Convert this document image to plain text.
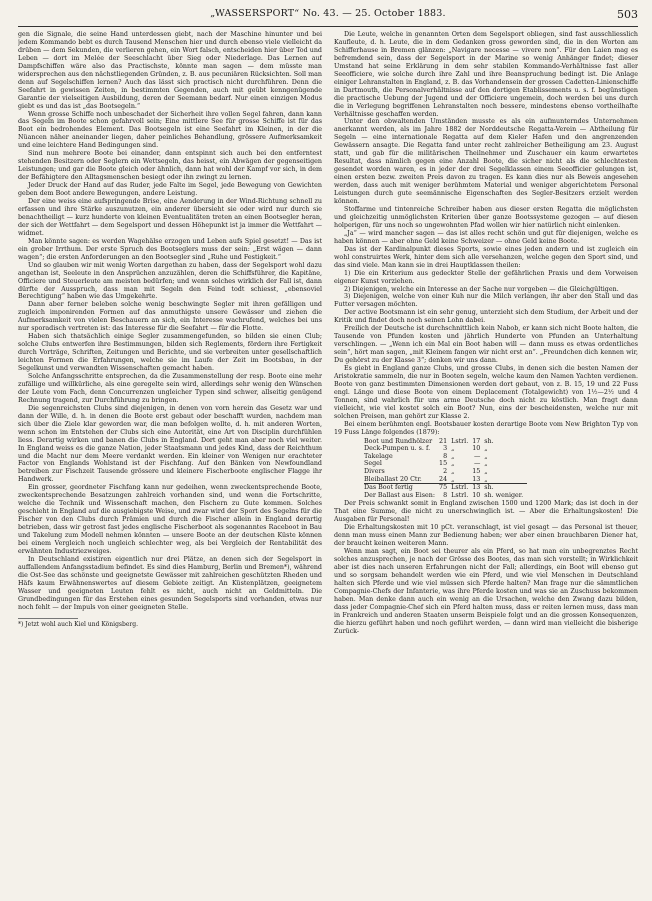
„WASSERSPORT“ No. 43. — 25. October 1883.	503

gen die Signale, die seine Hand unterdessen giebt, nach der Maschine hinunter und bei jedem Kommando bebt es durch Tausend Menschen hier und durch ebenso viele vielleicht da drüben — dem Sekunden, die verlieren gehen, ein Wort falsch, entscheiden hier über Tod und Leben — dort im Melée der Seeschlacht über Sieg oder Niederlage. Das Lernen auf Dampfschiffen wäre also das Practischste, könnte man sagen — dem müsste man widersprechen aus den nächstliegenden Gründen, z. B. aus pecuniären Rücksichten. Soll man denn auf Segelschiffen lernen? Auch das lässt sich practisch nicht durchführen. Denn die Seefahrt in gewissen Zeiten, in bestimmten Gegenden, auch mit geübt kenngenügende Garantie der vielseitigen Ausbildung, deren der Seemann bedarf. Nur einen einzigen Modus giebt es und das ist „das Bootsegeln.“

Wenn grosse Schiffe noch unbeschadet der Sicherheit ihre vollen Segel fahren, dann kann das Segeln im Boote schon gefahrvoll sein; Eine mittlere See für grosse Schiffe ist für das Boot ein bedrohendes Element. Das Bootsegeln ist eine Seefahrt im Kleinen, in der die Nüancen näher aneinander liegen, daher peinliches Behandlung, grössere Aufmerksamkeit und eine leichtere Hand Bedingungen sind.

Sind nun mehrere Boote bei einander, dann entspinnt sich auch bei den entferntest stehenden Besitzern oder Seglern ein Wettsegeln, das heisst, ein Abwägen der gegenseitigen Leistungen; und gar die Boote gleich oder ähnlich, dann hat wohl der Kampf vor sich, in dem der Befähigtere den Alltagsmenschen besiegt oder ihn zwingt zu lernen.

Jeder Druck der Hand auf das Ruder, jede Falte im Segel, jede Bewegung von Gewichten geben dem Boot andere Bewegungen, andere Leistung.

Der eine weiss eine aufspringende Brise, eine Aenderung in der Wind-Richtung schnell zu erfassen und ihre Stärke auszunutzen, ein anderer übersieht sie oder wird nur durch sie benachtheiligt — kurz hunderte von kleinen Eventualitäten treten an einen Bootsegler heran, der sich der Wettfahrt — dem Segelsport und dessen Höhepunkt ist ja immer die Wettfahrt — widmet.

Man könnte sagen: es werden Wagehälse erzogen und Leben aufs Spiel gesetzt! — Das ist ein grober Irrthum. Der erste Spruch des Bootseglers muss der sein: „Erst wägen — dann wagen“; die ersten Anforderungen an den Bootsegler sind „Ruhe und Festigkeit.“

Und so glauben wir mit wenig Worten dargethan zu haben, dass der Segelsport wohl dazu angethan ist, Seeleute in den Ansprüchen anzuzählen, deren die Schiffsführer, die Kapitäne, Officiere und Steuerleute am meisten bedürfen; und wenn solches wirklich der Fall ist, dann dürfte der Ausspruch, dass man mit Segeln den Feind todt schiesst, „ebensoviel Berechtigung“ haben wie das Umgekehrte.

Dann aber ferner beleben solche wenig beschwingte Segler mit ihren gefälligen und zugleich imponirenden Formen auf das anmuthigste unsere Gewässer und ziehen die Aufmerksamkeit von vielen Beschauern an sich, ein Interesse wachrufend, welches bei uns nur sporadisch vertreten ist: das Interesse für die Seefahrt — für die Flotte.

Haben sich thatsächlich einige Segler zusammengefunden, so bilden sie einen Club; solche Clubs entwerfen ihre Bestimmungen, bilden sich Reglements, fördern ihre Fertigkeit durch Vorträge, Schriften, Zeitungen und Berichte, und sie verbreiten unter gesellschaftlich leichten Formen die Erfahrungen, welche sie im Laufe der Zeit im Bootsbau, in der Segelkunst und verwandten Wissenschaften gemacht haben.

Solche Anfangsschritte entsprechen, da die Zusammenstellung der resp. Boote eine mehr zufällige und willkürliche, als eine geregelte sein wird, allerdings sehr wenig den Wünschen der Leute vom Fach, denn Concurrenzen ungleicher Typen sind schwer, allseitig genügend Rechnung tragend, zur Durchführung zu bringen.

Die segenreichsten Clubs sind diejenigen, in denen von vorn herein das Gesetz war und dann der Wille, d. h. in denen die Boote erst gebaut oder beschafft wurden, nachdem man sich über die Ziele klar geworden war, die man befolgen wollte, d. h. mit anderen Worten, wenn schon im Entstehen der Clubs sich eine Autorität, eine Art von Disciplin durchfühlen liess. Derartig wirken und banen die Clubs in England. Dort geht man aber noch viel weiter. In England weiss es die ganze Nation, jeder Staatsmann und jedes Kind, dass der Reichthum und die Macht nur dem Meere verdankt werden. Ein kleiner von Wenigen nur erachteter Factor von Englands Wohlstand ist der Fischfang. Auf den Bänken von Newfoundland betreiben zur Fischzeit Tausende grössere und kleinere Fischerboote englischer Flagge ihr Handwerk.

Ein grosser, geordneter Fischfang kann nur gedeihen, wenn zweckentsprechende Boote, zweckentsprechende Besatzungen zahlreich vorhanden sind, und wenn die Fortschritte, welche die Technik und Wissenschaft machen, den Fischern zu Gute kommen. Solches geschieht in England auf die ausgiebigste Weise, und zwar wird der Sport des Segelns für die Fischer von den Clubs durch Prämien und durch die Fischer allein in England derartig betrieben, dass wir getrost fast jedes englische Fischerboot als sogenanntes Raceboot in Bau und Takelung zum Modell nehmen könnten — unsere Boote an der deutschen Küste können bei einem Vergleich noch ungleich schlechter weg, als bei Vergleich der Rentabilität des erwähnten Industriezweiges.

In Deutschland existiren eigentlich nur drei Plätze, an denen sich der Segelsport in auffallendem Anfangsstadium befindet. Es sind dies Hamburg, Berlin und Bremen*), während die Ost-See das schönste und geeignetste Gewässer mit zahlreichen geschützten Rheden und Häfs kaum Erwähnenswertes auf diesem Gebiete zeitigt. An Küstenplätzen, geeignetem Wasser und geeigneten Leuten fehlt es nicht, auch nicht an Geldmitteln. Die Grundbedingungen für das Erstehen eines gesunden Segelsports sind vorhanden, etwas nur noch fehlt — der Impuls von einer geeigneten Stelle.

*) Jetzt wohl auch Kiel und Königsberg.

Die Leute, welche in genannten Orten dem Segelsport obliegen, sind fast ausschliesslich Kaufleute, d. h. Leute, die in dem Gedanken gross geworden sind, die in den Worten am Schifferhause in Bremen glänzen: „Navigare necesse — vivere non“. Für den Laien mag es befremdend sein, dass der Segelsport in der Marine so wenig Anhänger findet; dieser Umstand hat seine Erklärung in dem sehr stabilen Kommando-Verhältnisse fast aller Seeofficiere, wie solche durch ihre Zahl und ihre Beanspruchung bedingt ist. Die Anlage einiger Lehranstalten in England, z. B. das Vorhandensein der grossen Cadetten-Linienschiffe in Dartmouth, die Personalverhältnisse auf den dortigen Etablissements u. s. f. begünstigen die practische Uebung der Jugend und der Officiere ungemein, doch werden bei uns durch die in Verlegung begriffenen Lehranstalten noch bessere, mindestens ebenso vortheilhafte Verhältnisse geschaffen werden.

Unter den obwaltenden Umständen musste es als ein aufmunterndes Unternehmen anerkannt werden, als im Jahre 1882 der Norddeutsche Regatta-Verein — Abtheilung für Segeln — eine internationale Regatta auf dem Kieler Hafen und den angrenzenden Gewässern ansagte. Die Regatta fand unter recht zahlreicher Betheiligung am 23. August statt, und gab für die militärischen Theilnehmer und Zuschauer ein kaum erwartetes Resultat, dass nämlich gegen eine Anzahl Boote, die sicher nicht als die schlechtesten gesendet worden waren, es in jeder der drei Segelklassen einem Seeofficier gelungen ist, einen ersten bezw. zweiten Preis davon zu tragen. Es kann dies nur als Beweis angesehen werden, dass auch mit weniger berühmtem Material und weniger abgerichtetem Personal Leistungen durch gute seemännische Eigenschaften des Segler-Besitzers erzielt werden können.

Stoffarme und tintenreiche Schreiber haben aus dieser ersten Regatta die möglichsten und gleichzeitig unmöglichsten Kriterien über ganze Bootssysteme gezogen — auf diesen holperigen, für uns noch so ungewohnten Pfad wollen wir hier natürlich nicht einlenken.

„Ja“ — wird mancher sagen — das ist alles recht schön und gut für diejenigen, welche es haben können — aber ohne Geld keine Schweizer — ohne Geld keine Boote.

Das ist der Kardinalpunkt dieses Sports, sowie eines jeden andern und ist zugleich ein wohl construirtes Werk, hinter dem sich alle versehanzen, welche gegen den Sport sind, und das sind viele. Man kann sie in drei Hauptklassen theilen:

1) Die ein Kriterium aus gedeckter Stelle der gefährlichen Praxis und dem Vorweisen eigener Kunst vorziehen.

2) Diejenigen, welche ein Interesse an der Sache nur vorgeben — die Gleichgültigen.

3) Diejenigen, welche von einer Kuh nur die Milch verlangen, ihr aber den Stall und das Futter versagen möchten.

Der active Bootsmann ist ein sehr genug, unterzieht sich dem Studium, der Arbeit und der Kritik und findet doch noch seinen Lohn dabei.

Freilich der Deutsche ist durchschnittlich kein Nabob, er kann sich nicht Boote halten, die Tausende von Pfunden kosten und jährlich Hunderte von Pfunden an Unterhaltung verschlingen. — „Wenn ich ein Mal ein Boot haben will — dann muss es etwas ordentliches sein“, hört man sagen, „mit Kleinem fangen wir nicht erst an“. „Freundchen dich kennen wir, Du gehörst zu der Klasse 3“; denken wir uns dann.

Es giebt in England ganze Clubs, und grosse Clubs, in denen sich die besten Namen der Aristokratie sammeln, die nur in Booten segeln, welche kaum den Namen Yachten verdienen. Boote von ganz bestimmten Dimensionen werden dort gebaut, von z. B. 15, 19 und 22 Fuss engl. Länge und diese Boote von einem Deplacement (Totalgewicht) von 1½—2½ und 4 Tonnen, sind wahrlich für uns arme Deutsche doch nicht zu köstlich. Man fragt dann vielleicht, wie viel kostet solch ein Boot? Nun, eins der bescheidensten, welche nur mit solchen Preisen, man gehört zur Klasse 2.

Bei einem berühmten engl. Bootsbauer kosten derartige Boote vom New Brighton Typ von 19 Fuss Länge folgendes (1879):

Boot und Rundhölzer	21	Lstrl.	17	sh.
Deck-Pumpen u. s. f.	3	„	10	„
Takelage	8	„	—	„
Segel	15	„	—	„
Divers	2	„	15	„
Bleiballast 20 Ctr.	24	„	13	„
Das Boot fertig	75	Lstrl.	13	sh.
Der Ballast aus Eisen:	8	Lstrl.	10	sh. weniger.

Der Preis schwankt somit in England zwischen 1500 und 1200 Mark; das ist doch in der That eine Summe, die nicht zu unerschwinglich ist. — Aber die Erhaltungskosten! Die Ausgaben für Personal!

Die Erhaltungskosten mit 10 pCt. veranschlagt, ist viel gesagt — das Personal ist theuer, denn man muss einen Mann zur Bedienung haben; wer aber einen brauchbaren Diener hat, der braucht keinen weiteren Mann.

Wenn man sagt, ein Boot sei theurer als ein Pferd, so hat man ein unbegrenztes Recht solches anzusprechen, je nach der Grösse des Bootes, das man sich vorstellt; in Wirklichkeit aber ist dies nach unseren Erfahrungen nicht der Fall; allerdings, ein Boot will ebenso gut und so sorgsam behandelt werden wie ein Pferd, und wie viel Menschen in Deutschland halten sich Pferde und wie viel müssen sich Pferde halten? Man frage nur die sämmtlichen Compagnie-Chefs der Infanterie, was ihre Pferde kosten und was sie an Zuschuss bekommen haben. Man denke dann auch ein wenig an die Ursachen, welche den Zwang dazu bilden, dass jeder Compagnie-Chef sich ein Pferd halten muss, dass er reiten lernen muss, dass man in Frankreich und anderen Staaten unserm Beispiele folgt und an die grossen Konsequenzen, die hierzu geführt haben und noch geführt werden, — dann wird man vielleicht die bisherige Zurück-
